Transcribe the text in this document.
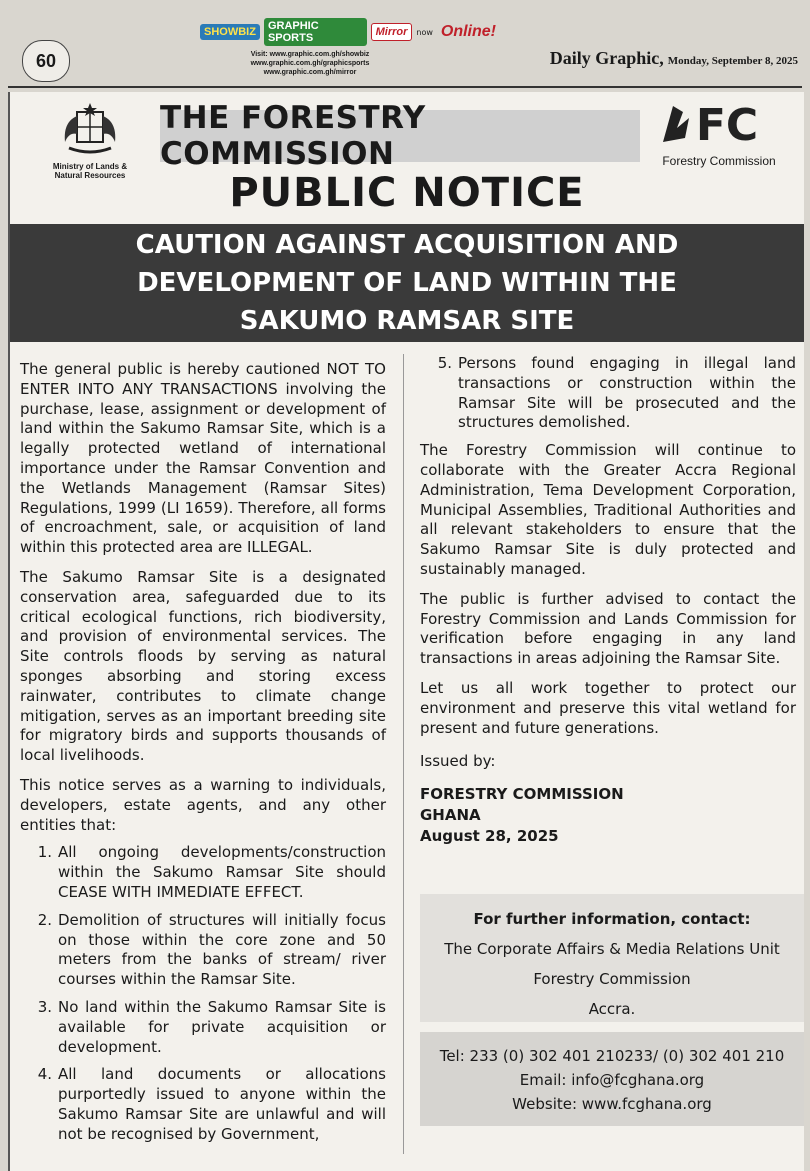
60
SHOWBIZ	GRAPHIC SPORTS	Mirror	now Online!
Visit: www.graphic.com.gh/showbiz
www.graphic.com.gh/graphicsports
www.graphic.com.gh/mirror
Daily Graphic, Monday, September 8, 2025
Ministry of Lands & Natural Resources
THE FORESTRY COMMISSION
FC
Forestry Commission
PUBLIC NOTICE
CAUTION AGAINST ACQUISITION AND
DEVELOPMENT OF LAND WITHIN THE
SAKUMO RAMSAR SITE

The general public is hereby cautioned NOT TO ENTER INTO ANY TRANSACTIONS involving the purchase, lease, assignment or development of land within the Sakumo Ramsar Site, which is a legally protected wetland of international importance under the Ramsar Convention and the Wetlands Management (Ramsar Sites) Regulations, 1999 (LI 1659). Therefore, all forms of encroachment, sale, or acquisition of land within this protected area are ILLEGAL.

The Sakumo Ramsar Site is a designated conservation area, safeguarded due to its critical ecological functions, rich biodiversity, and provision of environmental services. The Site controls floods by serving as natural sponges absorbing and storing excess rainwater, contributes to climate change mitigation, serves as an important breeding site for migratory birds and supports thousands of local livelihoods.

This notice serves as a warning to individuals, developers, estate agents, and any other entities that:

1. All ongoing developments/construction within the Sakumo Ramsar Site should CEASE WITH IMMEDIATE EFFECT.
2. Demolition of structures will initially focus on those within the core zone and 50 meters from the banks of stream/ river courses within the Ramsar Site.
3. No land within the Sakumo Ramsar Site is available for private acquisition or development.
4. All land documents or allocations purportedly issued to anyone within the Sakumo Ramsar Site are unlawful and will not be recognised by Government,
5. Persons found engaging in illegal land transactions or construction within the Ramsar Site will be prosecuted and the structures demolished.

The Forestry Commission will continue to collaborate with the Greater Accra Regional Administration, Tema Development Corporation, Municipal Assemblies, Traditional Authorities and all relevant stakeholders to ensure that the Sakumo Ramsar Site is duly protected and sustainably managed.

The public is further advised to contact the Forestry Commission and Lands Commission for verification before engaging in any land transactions in areas adjoining the Ramsar Site.

Let us all work together to protect our environment and preserve this vital wetland for present and future generations.

Issued by:
FORESTRY COMMISSION
GHANA
August 28, 2025
For further information, contact:
The Corporate Affairs & Media Relations Unit
Forestry Commission
Accra.
Tel: 233 (0) 302 401 210233/ (0) 302 401 210
Email: info@fcghana.org
Website: www.fcghana.org
